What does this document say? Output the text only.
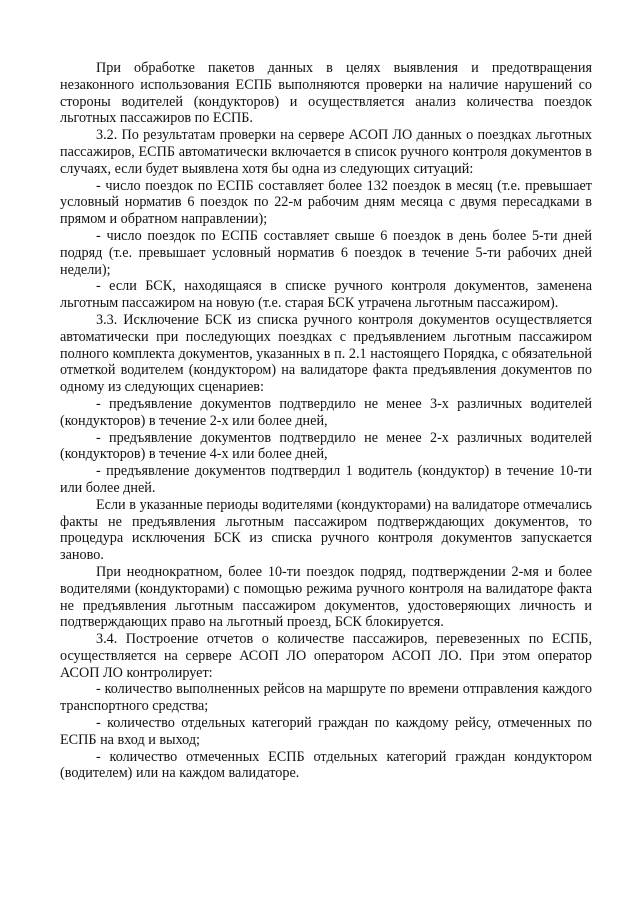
При обработке пакетов данных в целях выявления и предотвращения незаконного использования ЕСПБ выполняются проверки на наличие нарушений со стороны водителей (кондукторов) и осуществляется анализ количества поездок льготных пассажиров по ЕСПБ.

3.2. По результатам проверки на сервере АСОП ЛО данных о поездках льготных пассажиров, ЕСПБ автоматически включается в список ручного контроля документов в случаях, если будет выявлена хотя бы одна из следующих ситуаций:

- число поездок по ЕСПБ составляет более 132 поездок в месяц (т.е. превышает условный норматив 6 поездок по 22-м рабочим дням месяца с двумя пересадками в прямом и обратном направлении);

- число поездок по ЕСПБ составляет свыше 6 поездок в день более 5-ти дней подряд (т.е. превышает условный норматив 6 поездок в течение 5-ти рабочих дней недели);

- если БСК, находящаяся в списке ручного контроля документов, заменена льготным пассажиром на новую (т.е. старая БСК утрачена льготным пассажиром).

3.3. Исключение БСК из списка ручного контроля документов осуществляется автоматически при последующих поездках с предъявлением льготным пассажиром полного комплекта документов, указанных в п. 2.1 настоящего Порядка, с обязательной отметкой водителем (кондуктором) на валидаторе факта предъявления документов по одному из следующих сценариев:

- предъявление документов подтвердило не менее 3-х различных водителей (кондукторов) в течение 2-х или более дней,

- предъявление документов подтвердило не менее 2-х различных водителей (кондукторов) в течение 4-х или более дней,

- предъявление документов подтвердил 1 водитель (кондуктор) в течение 10-ти или более дней.

Если в указанные периоды водителями (кондукторами) на валидаторе отмечались факты не предъявления льготным пассажиром подтверждающих документов, то процедура исключения БСК из списка ручного контроля документов запускается заново.

При неоднократном, более 10-ти поездок подряд, подтверждении 2-мя и более водителями (кондукторами) с помощью режима ручного контроля на валидаторе факта не предъявления льготным пассажиром документов, удостоверяющих личность и подтверждающих право на льготный проезд, БСК блокируется.

3.4. Построение отчетов о количестве пассажиров, перевезенных по ЕСПБ, осуществляется на сервере АСОП ЛО оператором АСОП ЛО. При этом оператор АСОП ЛО контролирует:

- количество выполненных рейсов на маршруте по времени отправления каждого транспортного средства;

- количество отдельных категорий граждан по каждому рейсу, отмеченных по ЕСПБ на вход и выход;

- количество отмеченных ЕСПБ отдельных категорий граждан кондуктором (водителем) или на каждом валидаторе.
